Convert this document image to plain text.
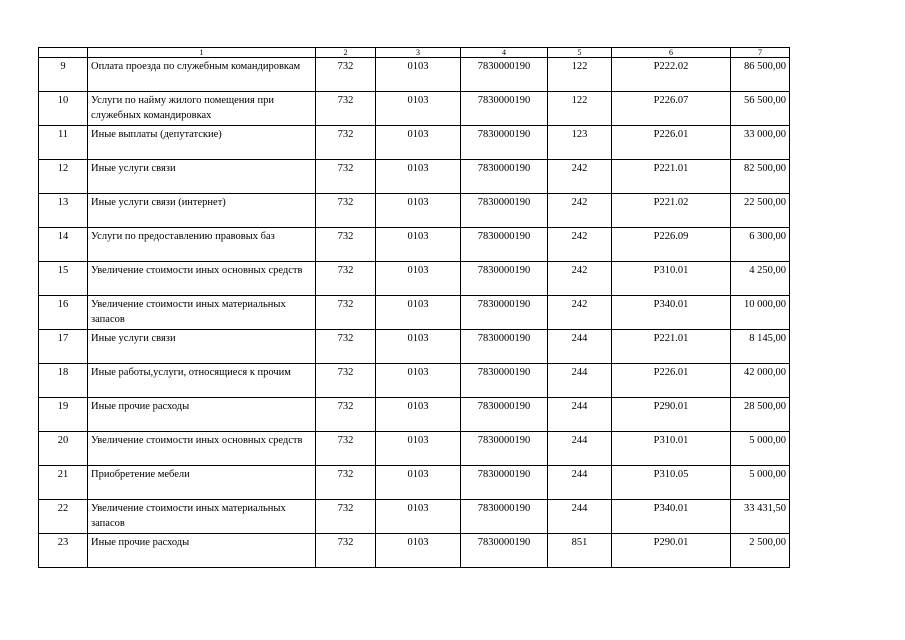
	1	2	3	4	5	6	7
9	Оплата проезда по служебным командировкам	732	0103	7830000190	122	P222.02	86 500,00
10	Услуги по найму жилого помещения при служебных командировках	732	0103	7830000190	122	P226.07	56 500,00
11	Иные выплаты (депутатские)	732	0103	7830000190	123	P226.01	33 000,00
12	Иные услуги связи	732	0103	7830000190	242	P221.01	82 500,00
13	Иные услуги связи (интернет)	732	0103	7830000190	242	P221.02	22 500,00
14	Услуги по предоставлению правовых баз	732	0103	7830000190	242	P226.09	6 300,00
15	Увеличение стоимости иных основных средств	732	0103	7830000190	242	P310.01	4 250,00
16	Увеличение стоимости иных материальных запасов	732	0103	7830000190	242	P340.01	10 000,00
17	Иные услуги связи	732	0103	7830000190	244	P221.01	8 145,00
18	Иные работы,услуги, относящиеся к прочим	732	0103	7830000190	244	P226.01	42 000,00
19	Иные прочие расходы	732	0103	7830000190	244	P290.01	28 500,00
20	Увеличение стоимости иных основных средств	732	0103	7830000190	244	P310.01	5 000,00
21	Приобретение мебели	732	0103	7830000190	244	P310.05	5 000,00
22	Увеличение стоимости иных материальных запасов	732	0103	7830000190	244	P340.01	33 431,50
23	Иные прочие расходы	732	0103	7830000190	851	P290.01	2 500,00
